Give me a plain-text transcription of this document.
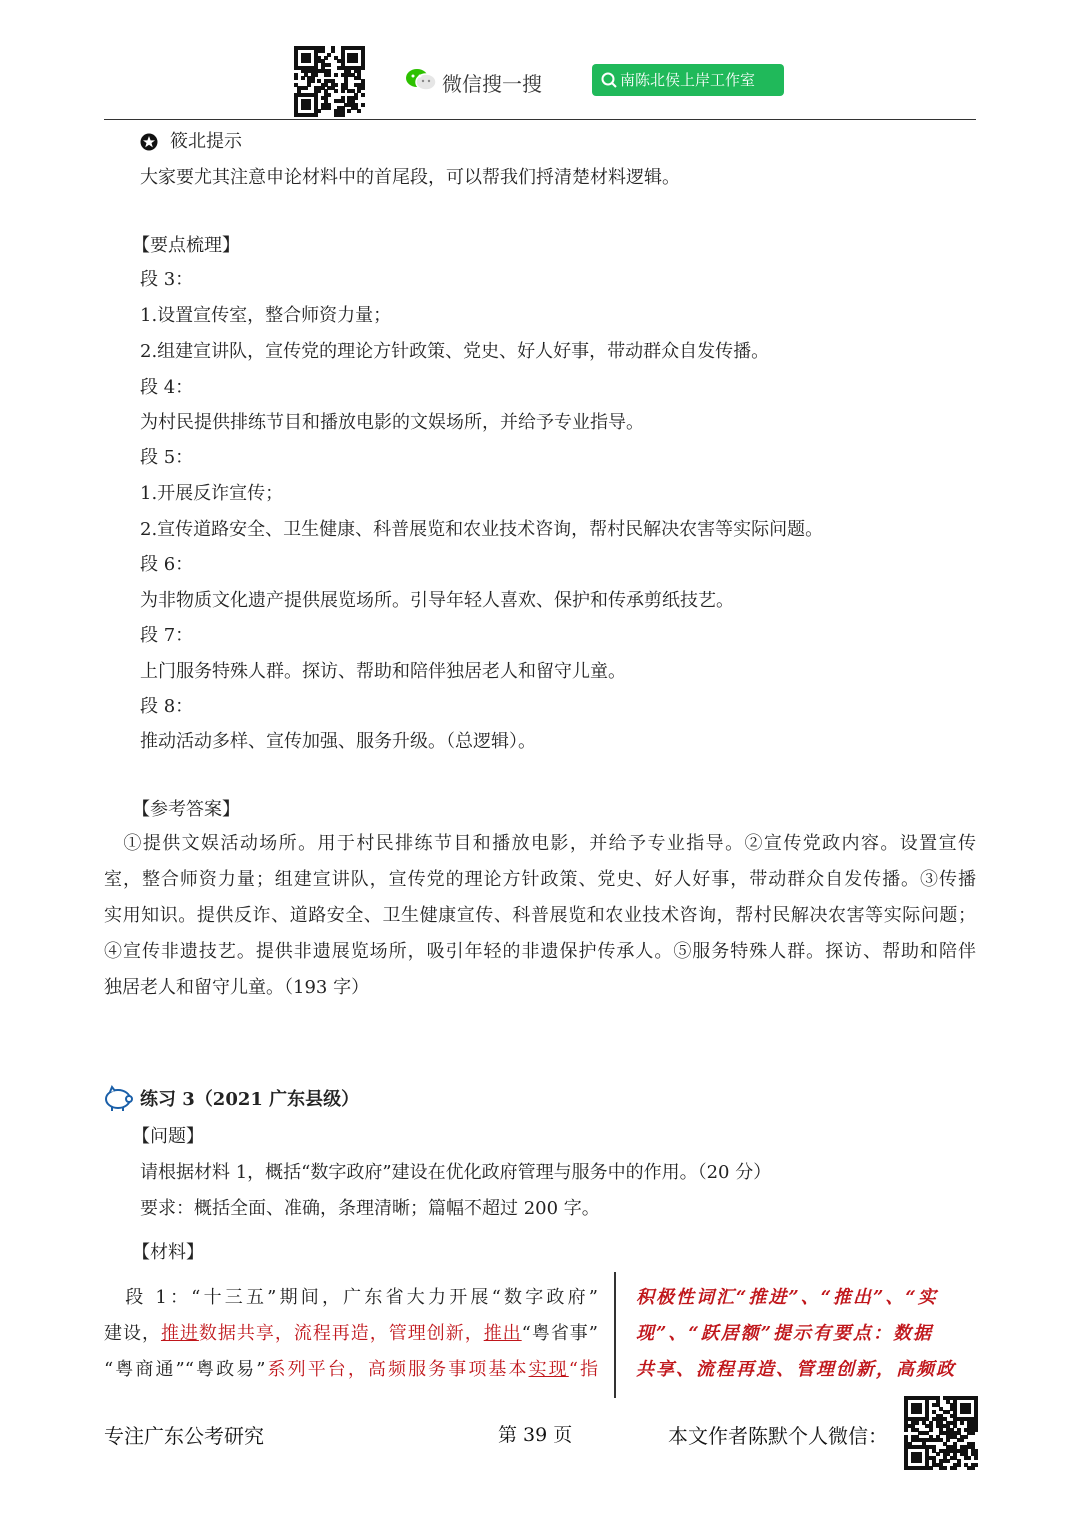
微信搜一搜	南陈北侯上岸工作室
筱北提示
大家要尤其注意申论材料中的首尾段，可以帮我们捋清楚材料逻辑。
【要点梳理】
段 3：
1.设置宣传室，整合师资力量；
2.组建宣讲队，宣传党的理论方针政策、党史、好人好事，带动群众自发传播。
段 4：
为村民提供排练节目和播放电影的文娱场所，并给予专业指导。
段 5：
1.开展反诈宣传；
2.宣传道路安全、卫生健康、科普展览和农业技术咨询，帮村民解决农害等实际问题。
段 6：
为非物质文化遗产提供展览场所。引导年轻人喜欢、保护和传承剪纸技艺。
段 7：
上门服务特殊人群。探访、帮助和陪伴独居老人和留守儿童。
段 8：
推动活动多样、宣传加强、服务升级。（总逻辑）。
【参考答案】
　①提供文娱活动场所。用于村民排练节目和播放电影，并给予专业指导。②宣传党政内容。设置宣传
室，整合师资力量；组建宣讲队，宣传党的理论方针政策、党史、好人好事，带动群众自发传播。③传播
实用知识。提供反诈、道路安全、卫生健康宣传、科普展览和农业技术咨询，帮村民解决农害等实际问题；
④宣传非遗技艺。提供非遗展览场所，吸引年轻的非遗保护传承人。⑤服务特殊人群。探访、帮助和陪伴
独居老人和留守儿童。（193 字）
练习 3（2021 广东县级）
【问题】
请根据材料 1，概括“数字政府”建设在优化政府管理与服务中的作用。（20 分）
要求：概括全面、准确，条理清晰；篇幅不超过 200 字。
【材料】
　段 1：“十三五”期间，广东省大力开展“数字政府”
建设，推进数据共享，流程再造，管理创新，推出“粤省事”
“粤商通”“粤政易”系列平台，高频服务事项基本实现“指
积极性词汇“推进”、“推出”、“实
现”、“跃居额”提示有要点：数据
共享、流程再造、管理创新，高频政
专注广东公考研究	第 39 页	本文作者陈默个人微信：
